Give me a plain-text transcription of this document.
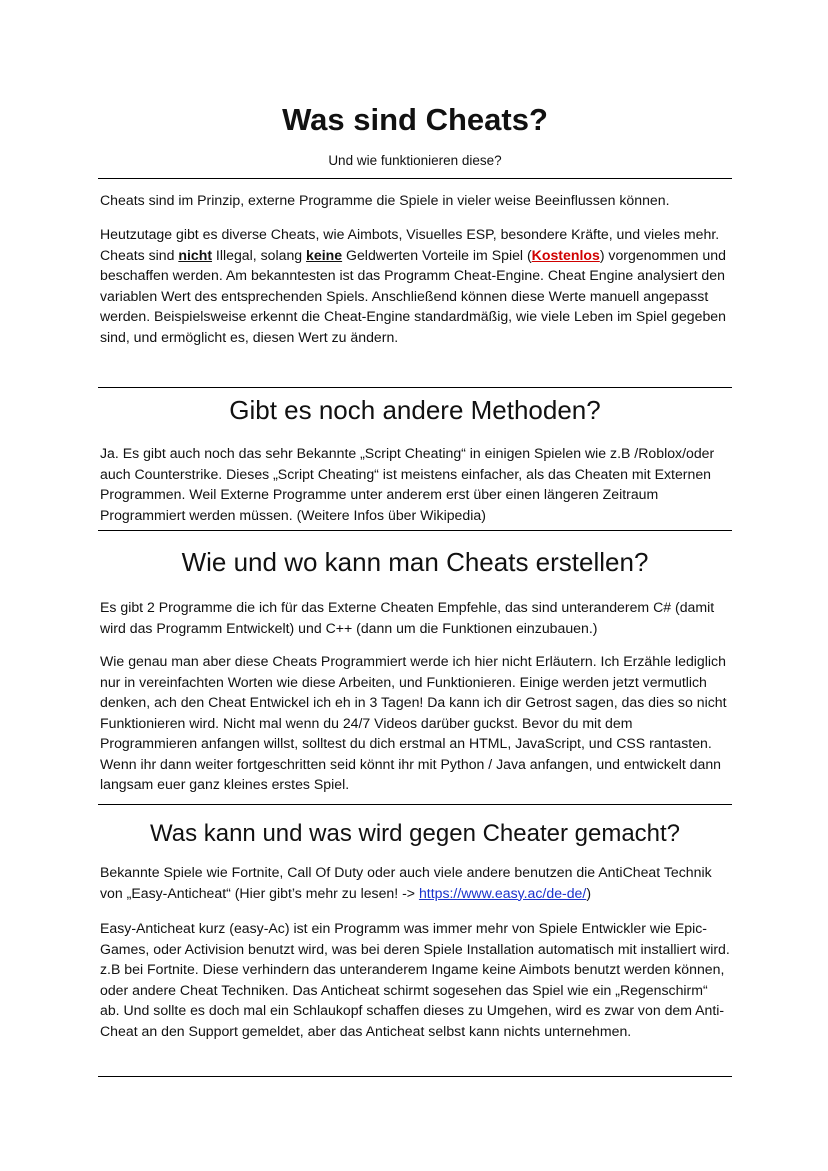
Was sind Cheats?
Und wie funktionieren diese?

Cheats sind im Prinzip, externe Programme die Spiele in vieler weise Beeinflussen können.

Heutzutage gibt es diverse Cheats, wie Aimbots, Visuelles ESP, besondere Kräfte, und vieles mehr. Cheats sind nicht Illegal, solang keine Geldwerten Vorteile im Spiel (Kostenlos) vorgenommen und beschaffen werden. Am bekanntesten ist das Programm Cheat-Engine. Cheat Engine analysiert den variablen Wert des entsprechenden Spiels. Anschließend können diese Werte manuell angepasst werden. Beispielsweise erkennt die Cheat-Engine standardmäßig, wie viele Leben im Spiel gegeben sind, und ermöglicht es, diesen Wert zu ändern.

Gibt es noch andere Methoden?

Ja. Es gibt auch noch das sehr Bekannte „Script Cheating“ in einigen Spielen wie z.B /Roblox/oder auch Counterstrike. Dieses „Script Cheating“ ist meistens einfacher, als das Cheaten mit Externen Programmen. Weil Externe Programme unter anderem erst über einen längeren Zeitraum Programmiert werden müssen. (Weitere Infos über Wikipedia)

Wie und wo kann man Cheats erstellen?

Es gibt 2 Programme die ich für das Externe Cheaten Empfehle, das sind unteranderem C# (damit wird das Programm Entwickelt) und C++ (dann um die Funktionen einzubauen.)

Wie genau man aber diese Cheats Programmiert werde ich hier nicht Erläutern. Ich Erzähle lediglich nur in vereinfachten Worten wie diese Arbeiten, und Funktionieren. Einige werden jetzt vermutlich denken, ach den Cheat Entwickel ich eh in 3 Tagen! Da kann ich dir Getrost sagen, das dies so nicht Funktionieren wird. Nicht mal wenn du 24/7 Videos darüber guckst. Bevor du mit dem Programmieren anfangen willst, solltest du dich erstmal an HTML, JavaScript, und CSS rantasten. Wenn ihr dann weiter fortgeschritten seid könnt ihr mit Python / Java anfangen, und entwickelt dann langsam euer ganz kleines erstes Spiel.

Was kann und was wird gegen Cheater gemacht?

Bekannte Spiele wie Fortnite, Call Of Duty oder auch viele andere benutzen die AntiCheat Technik von „Easy-Anticheat“ (Hier gibt’s mehr zu lesen! -> https://www.easy.ac/de-de/)

Easy-Anticheat kurz (easy-Ac) ist ein Programm was immer mehr von Spiele Entwickler wie Epic-Games, oder Activision benutzt wird, was bei deren Spiele Installation automatisch mit installiert wird. z.B bei Fortnite. Diese verhindern das unteranderem Ingame keine Aimbots benutzt werden können, oder andere Cheat Techniken. Das Anticheat schirmt sogesehen das Spiel wie ein „Regenschirm“ ab. Und sollte es doch mal ein Schlaukopf schaffen dieses zu Umgehen, wird es zwar von dem Anti-Cheat an den Support gemeldet, aber das Anticheat selbst kann nichts unternehmen.
